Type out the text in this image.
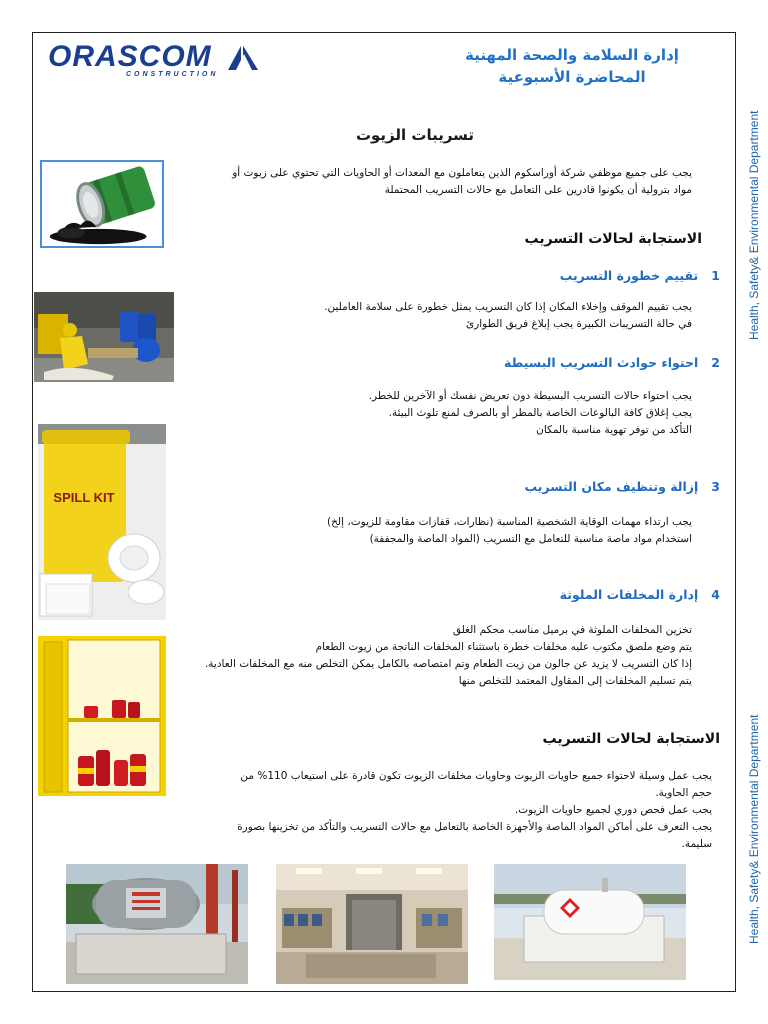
ORASCOM
CONSTRUCTION
إدارة السلامة والصحة المهنية
المحاضرة الأسبوعية
Health, Safety& Environmental Department
Health, Safety& Environmental Department
تسريبات الزيوت
يجب على جميع موظفي شركة أوراسكوم الذين يتعاملون مع المعدات أو الحاويات التي تحتوي على زيوت أو
مواد بترولية أن يكونوا قادرين على التعامل مع حالات التسريب المحتملة
الاستجابة لحالات التسريب
1   تقييم خطورة التسريب
يجب تقييم الموقف وإخلاء المكان إذا كان التسريب يمثل خطورة على سلامة العاملين.
في حالة التسريبات الكبيرة يجب إبلاغ فريق الطوارئ
2   احتواء حوادث التسريب البسيطة
يجب احتواء حالات التسريب البسيطة دون تعريض نفسك أو الآخرين للخطر.
يجب إغلاق كافة البالوعات الخاصة بالمطر أو بالصرف لمنع تلوث البيئة.
التأكد من توفر تهوية مناسبة بالمكان
SPILL KIT
3   إزالة وتنظيف مكان التسريب
يجب ارتداء مهمات الوقاية الشخصية المناسبة (نظارات، قفازات مقاومة للزيوت، إلخ)
استخدام مواد ماصة مناسبة للتعامل مع التسريب (المواد الماصة والمجففة)
4   إدارة المخلفات الملوثة
تخزين المخلفات الملوثة في برميل مناسب محكم الغلق
يتم وضع ملصق مكتوب عليه مخلفات خطرة باستثناء المخلفات الناتجة من زيوت الطعام
إذا كان التسريب لا يزيد عن جالون من زيت الطعام وتم امتصاصه بالكامل يمكن التخلص منه مع المخلفات العادية.
يتم تسليم المخلفات إلى المقاول المعتمد للتخلص منها
الاستجابة لحالات التسريب
يجب عمل وسيلة لاحتواء جميع حاويات الزيوت وحاويات مخلفات الزيوت تكون قادرة على استيعاب 110% من
حجم الحاوية.
يجب عمل فحص دوري لجميع حاويات الزيوت.
يجب التعرف على أماكن المواد الماصة والأجهزة الخاصة بالتعامل مع حالات التسريب والتأكد من تخزينها بصورة
سليمة.
